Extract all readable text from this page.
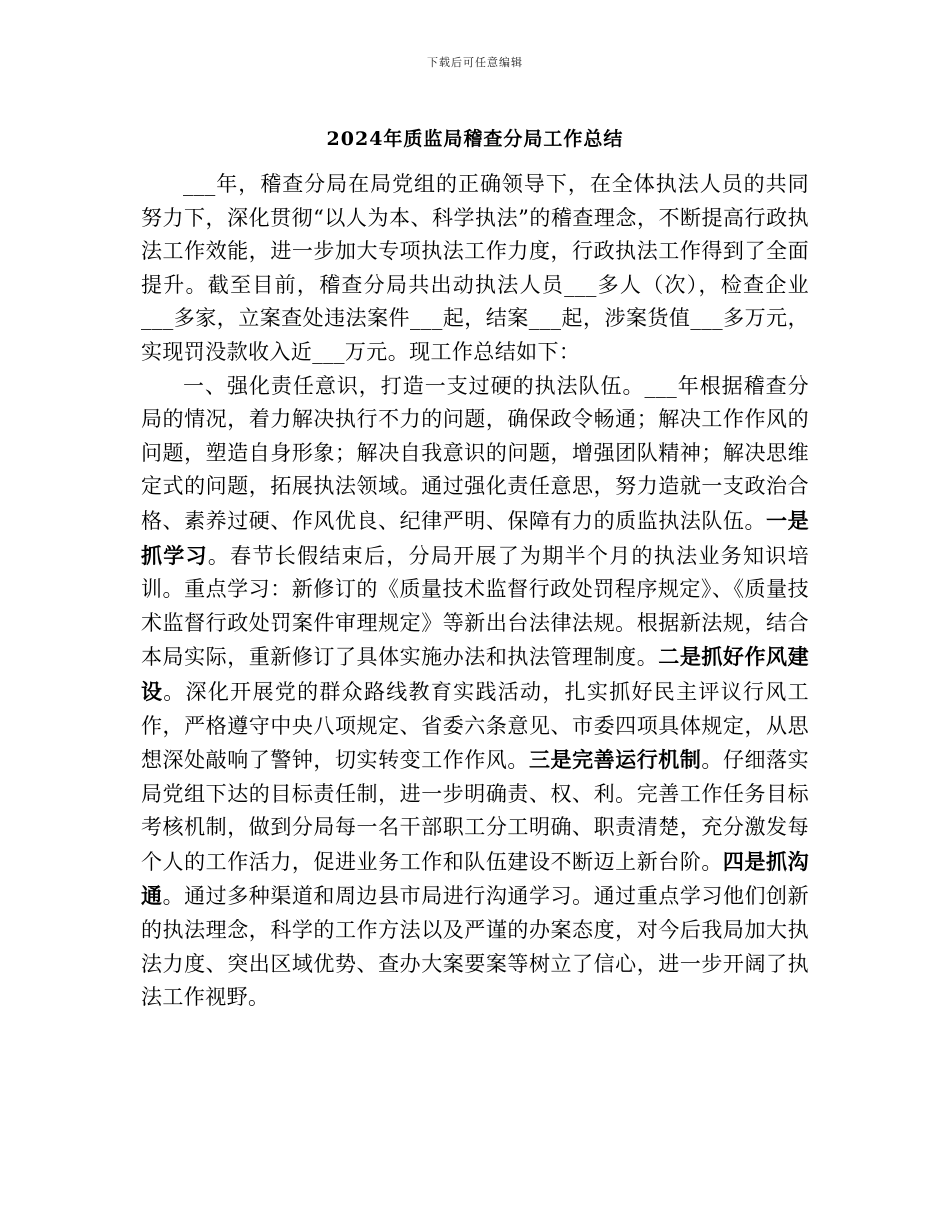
下载后可任意编辑
2024年质监局稽查分局工作总结

___年，稽查分局在局党组的正确领导下，在全体执法人员的共同努力下，深化贯彻“以人为本、科学执法”的稽查理念，不断提高行政执法工作效能，进一步加大专项执法工作力度，行政执法工作得到了全面提升。截至目前，稽查分局共出动执法人员___多人（次），检查企业___多家，立案查处违法案件___起，结案___起，涉案货值___多万元，实现罚没款收入近___万元。现工作总结如下：

一、强化责任意识，打造一支过硬的执法队伍。___年根据稽查分局的情况，着力解决执行不力的问题，确保政令畅通；解决工作作风的问题，塑造自身形象；解决自我意识的问题，增强团队精神；解决思维定式的问题，拓展执法领域。通过强化责任意思，努力造就一支政治合格、素养过硬、作风优良、纪律严明、保障有力的质监执法队伍。一是抓学习。春节长假结束后，分局开展了为期半个月的执法业务知识培训。重点学习：新修订的《质量技术监督行政处罚程序规定》、《质量技术监督行政处罚案件审理规定》等新出台法律法规。根据新法规，结合本局实际，重新修订了具体实施办法和执法管理制度。二是抓好作风建设。深化开展党的群众路线教育实践活动，扎实抓好民主评议行风工作，严格遵守中央八项规定、省委六条意见、市委四项具体规定，从思想深处敲响了警钟，切实转变工作作风。三是完善运行机制。仔细落实局党组下达的目标责任制，进一步明确责、权、利。完善工作任务目标考核机制，做到分局每一名干部职工分工明确、职责清楚，充分激发每个人的工作活力，促进业务工作和队伍建设不断迈上新台阶。四是抓沟通。通过多种渠道和周边县市局进行沟通学习。通过重点学习他们创新的执法理念，科学的工作方法以及严谨的办案态度，对今后我局加大执法力度、突出区域优势、查办大案要案等树立了信心，进一步开阔了执法工作视野。
